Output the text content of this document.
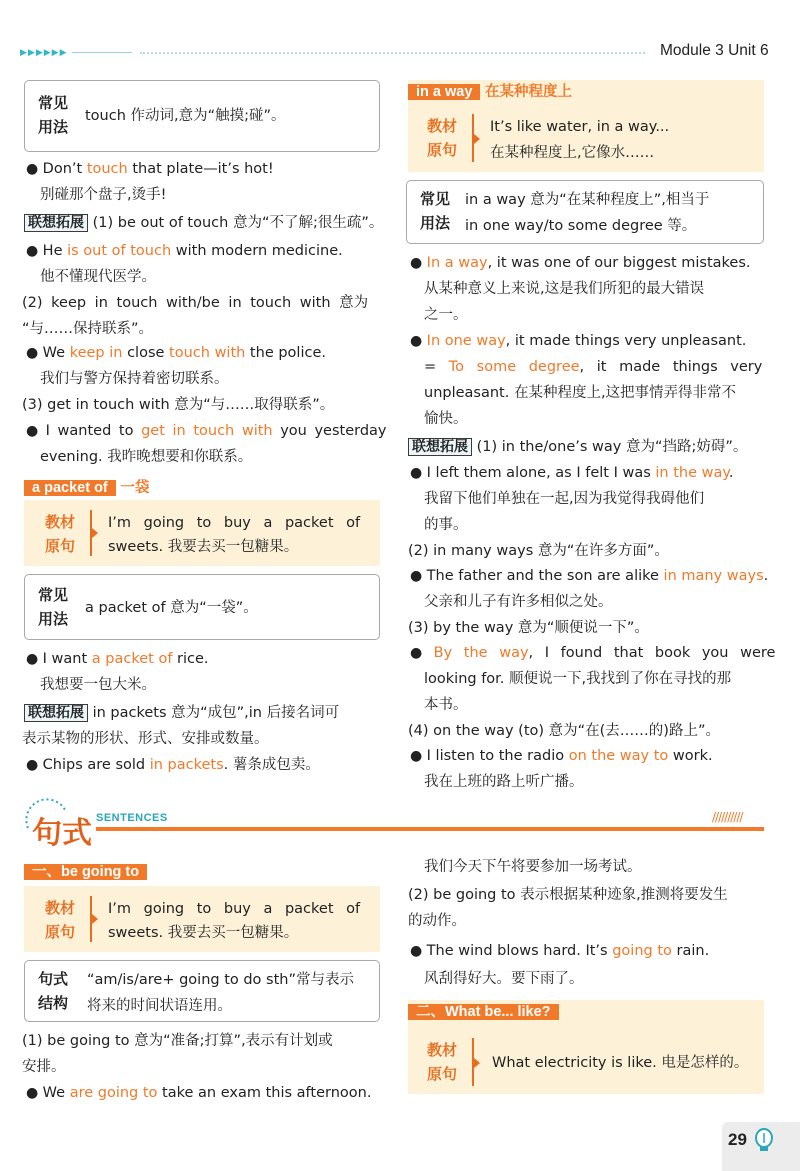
▶▶▶▶▶▶	Module 3 Unit 6
常见
用法
touch 作动词,意为“触摸;碰”。
● Don’t touch that plate—it’s hot!
别碰那个盘子,烫手!
联想拓展 (1) be out of touch 意为“不了解;很生疏”。
● He is out of touch with modern medicine.
他不懂现代医学。
(2) keep in touch with/be in touch with 意为
“与……保持联系”。
● We keep in close touch with the police.
我们与警方保持着密切联系。
(3) get in touch with 意为“与……取得联系”。
● I wanted to get in touch with you yesterday
evening. 我昨晚想要和你联系。
a packet of 一袋
教材
原句
I’m going to buy a packet of
sweets. 我要去买一包糖果。
常见
用法
a packet of 意为“一袋”。
● I want a packet of rice.
我想要一包大米。
联想拓展 in packets 意为“成包”,in 后接名词可
表示某物的形状、形式、安排或数量。
● Chips are sold in packets. 薯条成包卖。
in a way 在某种程度上
教材
原句
It’s like water, in a way...
在某种程度上,它像水……
常见
用法
in a way 意为“在某种程度上”,相当于
in one way/to some degree 等。
● In a way, it was one of our biggest mistakes.
从某种意义上来说,这是我们所犯的最大错误
之一。
● In one way, it made things very unpleasant.
= To some degree, it made things very
unpleasant. 在某种程度上,这把事情弄得非常不
愉快。
联想拓展 (1) in the/one’s way 意为“挡路;妨碍”。
● I left them alone, as I felt I was in the way.
我留下他们单独在一起,因为我觉得我碍他们
的事。
(2) in many ways 意为“在许多方面”。
● The father and the son are alike in many ways.
父亲和儿子有许多相似之处。
(3) by the way 意为“顺便说一下”。
● By the way, I found that book you were
looking for. 顺便说一下,我找到了你在寻找的那
本书。
(4) on the way (to) 意为“在(去……的)路上”。
● I listen to the radio on the way to work.
我在上班的路上听广播。
句式 SENTENCES	//////////
一、be going to
教材
原句
I’m going to buy a packet of
sweets. 我要去买一包糖果。
句式
结构
“am/is/are+ going to do sth”常与表示
将来的时间状语连用。
(1) be going to 意为“准备;打算”,表示有计划或
安排。
● We are going to take an exam this afternoon.
我们今天下午将要参加一场考试。
(2) be going to 表示根据某种迹象,推测将要发生
的动作。
● The wind blows hard. It’s going to rain.
风刮得好大。要下雨了。
二、What be... like?
教材
原句
What electricity is like. 电是怎样的。
29
